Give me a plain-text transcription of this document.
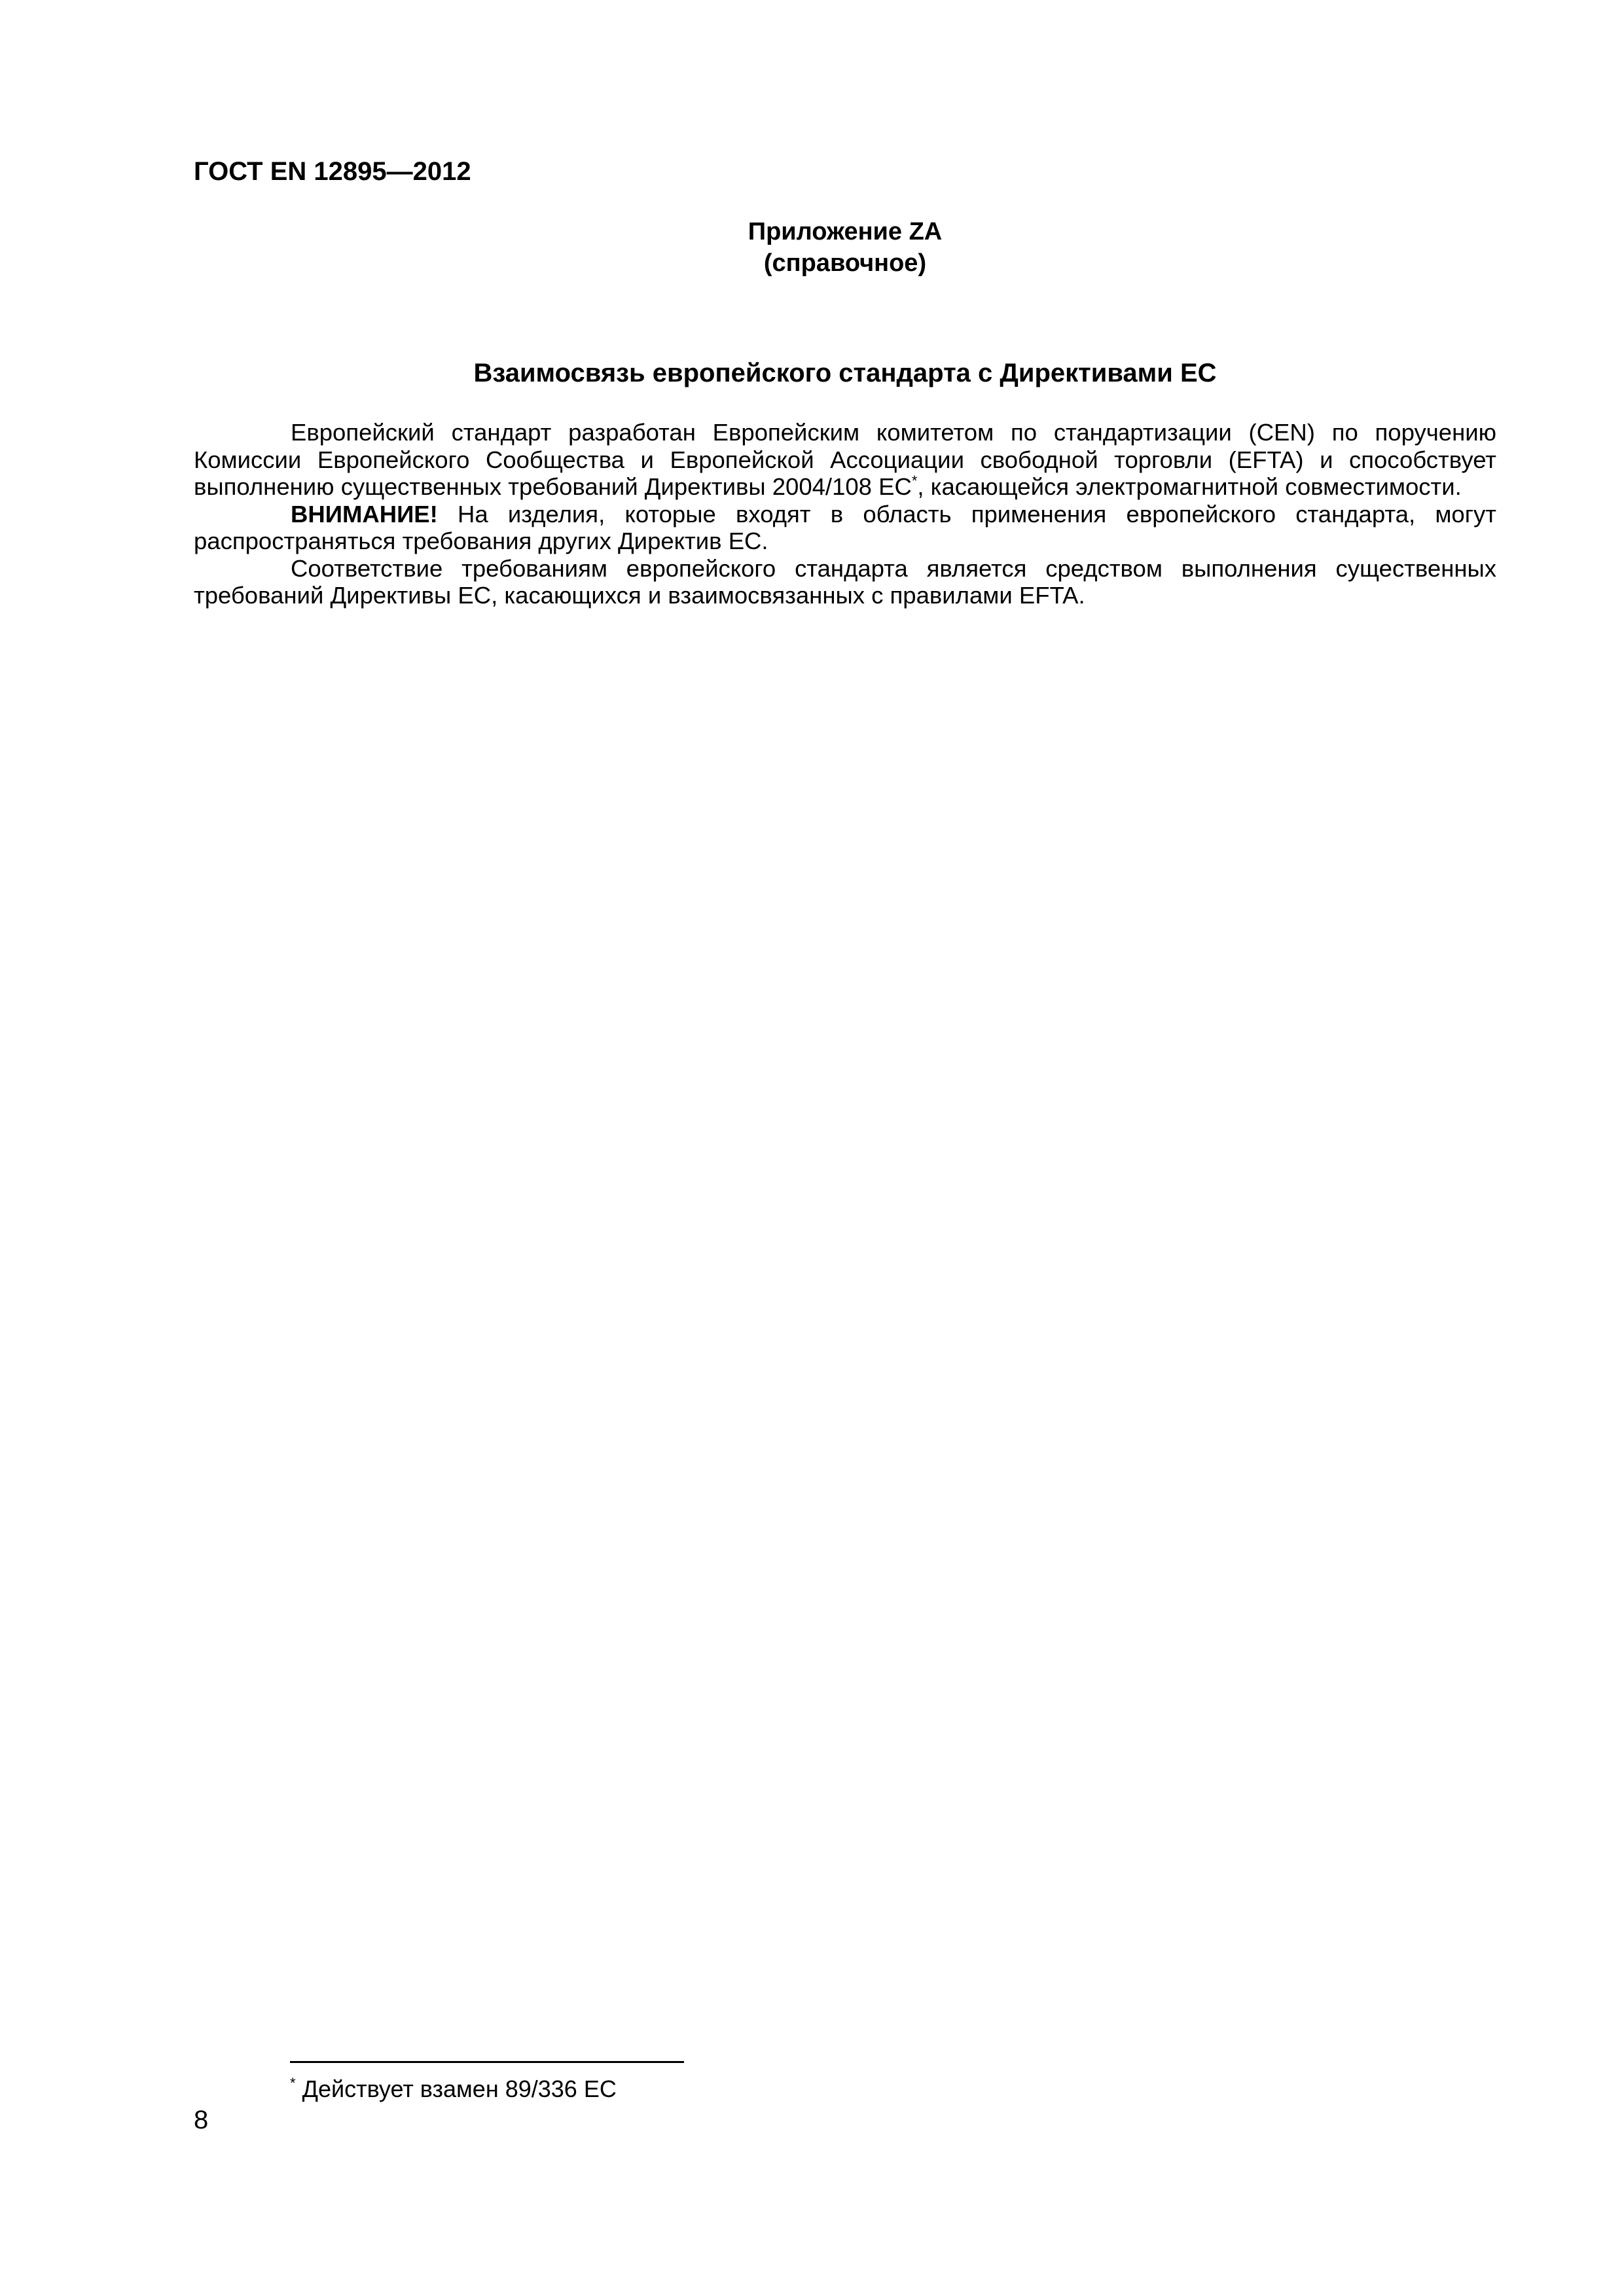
ГОСТ EN 12895—2012
Приложение ZA
(справочное)
Взаимосвязь европейского стандарта с Директивами ЕС

Европейский стандарт разработан Европейским комитетом по стандартизации (CEN) по поручению Комиссии Европейского Сообщества и Европейской Ассоциации свободной торговли (EFTA) и способствует выполнению существенных требований Директивы 2004/108 ЕС*, касающейся электромагнитной совместимости.

ВНИМАНИЕ! На изделия, которые входят в область применения европейского стандарта, могут распространяться требования других Директив ЕС.

Соответствие требованиям европейского стандарта является средством выполнения существенных требований Директивы ЕС, касающихся и взаимосвязанных с правилами EFTA.

* Действует взамен 89/336 ЕС
8
